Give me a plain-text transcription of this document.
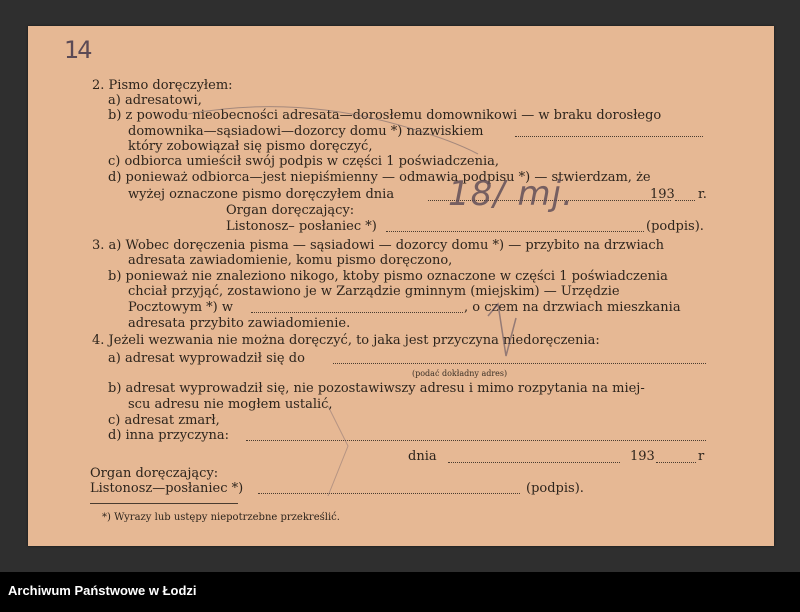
14
2. Pismo doręczyłem:
a) adresatowi,
b) z powodu nieobecności adresata—dorosłemu domownikowi — w braku dorosłego
domownika—sąsiadowi—dozorcy domu *) nazwiskiem
który zobowiązał się pismo doręczyć,
c) odbiorca umieścił swój podpis w części 1 poświadczenia,
d) ponieważ odbiorca—jest niepiśmienny — odmawia podpisu *) — stwierdzam, że
wyżej oznaczone pismo doręczyłem dnia	193 r.
Organ doręczający:
Listonosz– posłaniec *)	(podpis).
3. a) Wobec doręczenia pisma — sąsiadowi — dozorcy domu *) — przybito na drzwiach
adresata zawiadomienie, komu pismo doręczono,
b) ponieważ nie znaleziono nikogo, ktoby pismo oznaczone w części 1 poświadczenia
chciał przyjąć, zostawiono je w Zarządzie gminnym (miejskim) — Urzędzie
Pocztowym *) w	, o czem na drzwiach mieszkania
adresata przybito zawiadomienie.
4. Jeżeli wezwania nie można doręczyć, to jaka jest przyczyna niedoręczenia:
a) adresat wyprowadził się do
(podać dokładny adres)
b) adresat wyprowadził się, nie pozostawiwszy adresu i mimo rozpytania na miej-
scu adresu nie mogłem ustalić,
c) adresat zmarł,
d) inna przyczyna:
dnia	193	r
Organ doręczający:
Listonosz—posłaniec *)	(podpis).
*) Wyrazy lub ustępy niepotrzebne przekreślić.
18/ mj.
Archiwum Państwowe w Łodzi
